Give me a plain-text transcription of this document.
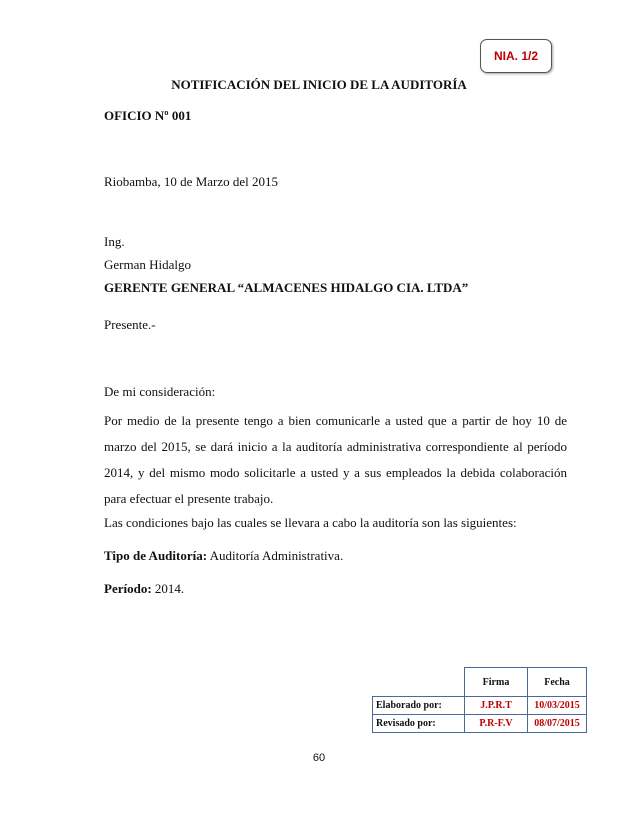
NIA. 1/2
NOTIFICACIÓN DEL INICIO DE LA AUDITORÍA
OFICIO Nº 001
Riobamba, 10 de Marzo del 2015
Ing.
German Hidalgo
GERENTE GENERAL “ALMACENES HIDALGO CIA. LTDA”
Presente.-
De mi consideración:
Por medio de la presente tengo a bien comunicarle a usted que a partir de hoy 10 de marzo del 2015, se dará inicio a la auditoría administrativa correspondiente al período 2014, y del mismo modo solicitarle a usted y a sus empleados la debida colaboración para efectuar el presente trabajo.
Las condiciones bajo las cuales se llevara a cabo la auditoría son las siguientes:
Tipo de Auditoría: Auditoría Administrativa.
Período: 2014.
	Firma	Fecha
Elaborado por:	J.P.R.T	10/03/2015
Revisado por:	P.R-F.V	08/07/2015
60
